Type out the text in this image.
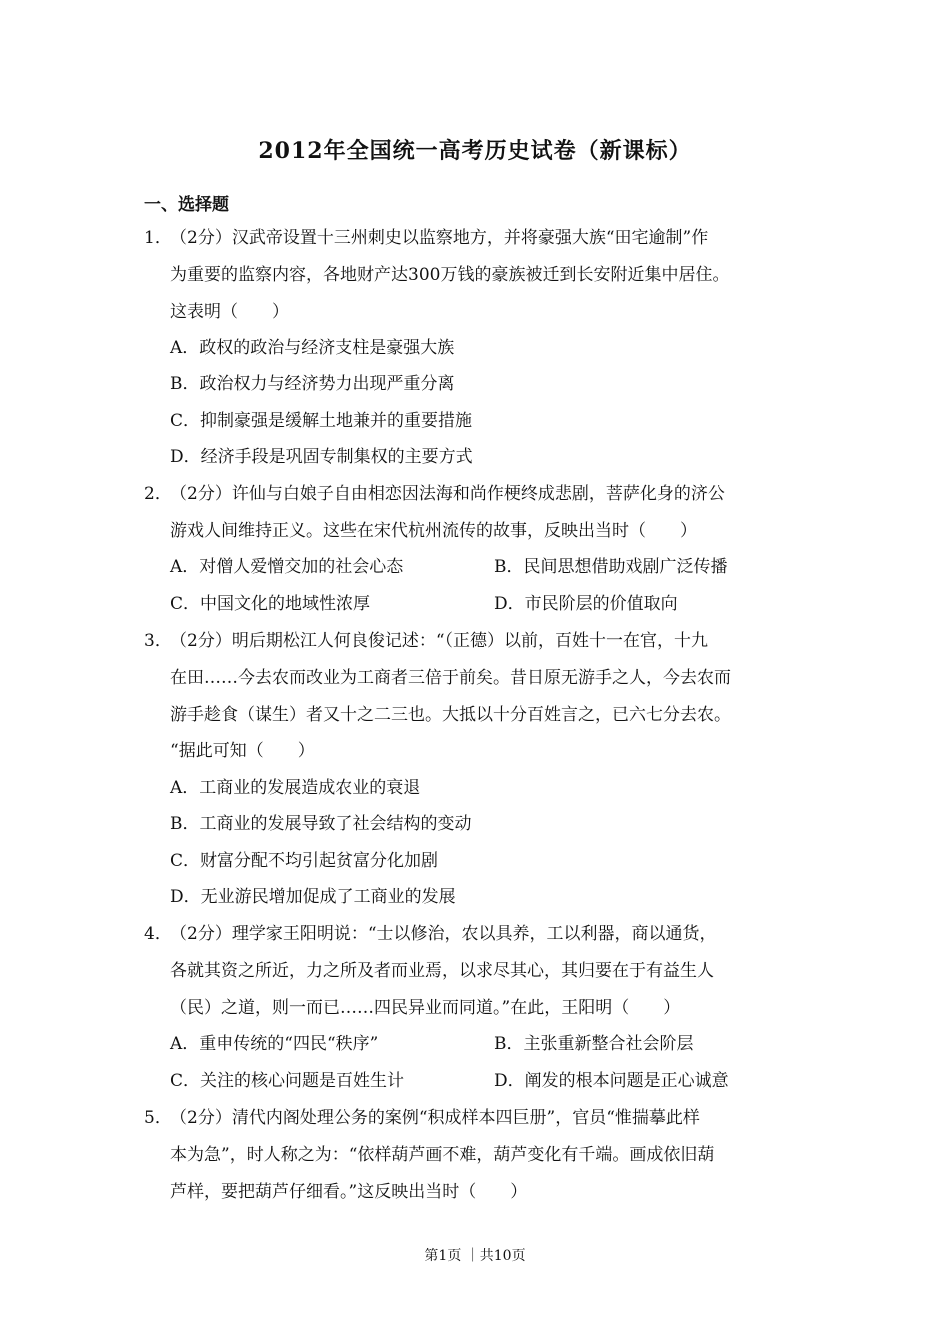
2012年全国统一高考历史试卷（新课标）
一、选择题
1．
（2分）汉武帝设置十三州刺史以监察地方，并将豪强大族“田宅逾制”作
为重要的监察内容，各地财产达300万钱的豪族被迁到长安附近集中居住。
这表明（　　）
A．政权的政治与经济支柱是豪强大族
B．政治权力与经济势力出现严重分离
C．抑制豪强是缓解土地兼并的重要措施
D．经济手段是巩固专制集权的主要方式
2．
（2分）许仙与白娘子自由相恋因法海和尚作梗终成悲剧，菩萨化身的济公
游戏人间维持正义。这些在宋代杭州流传的故事，反映出当时（　　）
A．对僧人爱憎交加的社会心态	B．民间思想借助戏剧广泛传播
C．中国文化的地域性浓厚	D．市民阶层的价值取向
3．
（2分）明后期松江人何良俊记述：“（正德）以前，百姓十一在官，十九
在田……今去农而改业为工商者三倍于前矣。昔日原无游手之人，今去农而
游手趁食（谋生）者又十之二三也。大抵以十分百姓言之，已六七分去农。
“据此可知（　　）
A．工商业的发展造成农业的衰退
B．工商业的发展导致了社会结构的变动
C．财富分配不均引起贫富分化加剧
D．无业游民增加促成了工商业的发展
4．
（2分）理学家王阳明说：“士以修治，农以具养，工以利器，商以通货，
各就其资之所近，力之所及者而业焉，以求尽其心，其归要在于有益生人
（民）之道，则一而已……四民异业而同道。”在此，王阳明（　　）
A．重申传统的“四民“秩序”	B．主张重新整合社会阶层
C．关注的核心问题是百姓生计	D．阐发的根本问题是正心诚意
5．
（2分）清代内阁处理公务的案例“积成样本四巨册”，官员“惟揣摹此样
本为急”，时人称之为：“依样葫芦画不难，葫芦变化有千端。画成依旧葫
芦样，要把葫芦仔细看。”这反映出当时（　　）
第1页 ｜共10页
